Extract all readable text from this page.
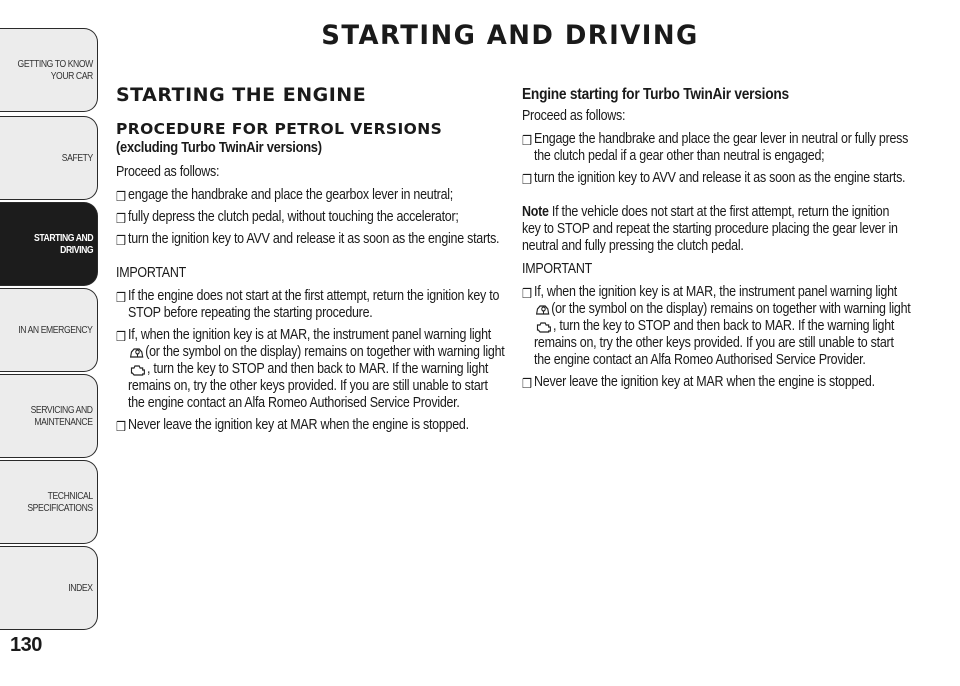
GETTING TO KNOW
YOUR CAR
SAFETY
STARTING AND
DRIVING
IN AN EMERGENCY
SERVICING AND
MAINTENANCE
TECHNICAL
SPECIFICATIONS
INDEX
130
STARTING AND DRIVING
STARTING THE ENGINE
PROCEDURE FOR PETROL VERSIONS
(excluding Turbo TwinAir versions)

Proceed as follows:

❒ engage the handbrake and place the gearbox lever in neutral;
❒ fully depress the clutch pedal, without touching the accelerator;
❒ turn the ignition key to AVV and release it as soon as the engine starts.

IMPORTANT

❒ If the engine does not start at the first attempt, return the ignition key to STOP before repeating the starting procedure.
❒ If, when the ignition key is at MAR, the instrument panel warning light (or the symbol on the display) remains on together with warning light , turn the key to STOP and then back to MAR. If the warning light remains on, try the other keys provided. If you are still unable to start the engine contact an Alfa Romeo Authorised Service Provider.
❒ Never leave the ignition key at MAR when the engine is stopped.
Engine starting for Turbo TwinAir versions

Proceed as follows:

❒ Engage the handbrake and place the gear lever in neutral or fully press the clutch pedal if a gear other than neutral is engaged;
❒ turn the ignition key to AVV and release it as soon as the engine starts.

Note If the vehicle does not start at the first attempt, return the ignition key to STOP and repeat the starting procedure placing the gear lever in neutral and fully pressing the clutch pedal.

IMPORTANT

❒ If, when the ignition key is at MAR, the instrument panel warning light (or the symbol on the display) remains on together with warning light , turn the key to STOP and then back to MAR. If the warning light remains on, try the other keys provided. If you are still unable to start the engine contact an Alfa Romeo Authorised Service Provider.
❒ Never leave the ignition key at MAR when the engine is stopped.
